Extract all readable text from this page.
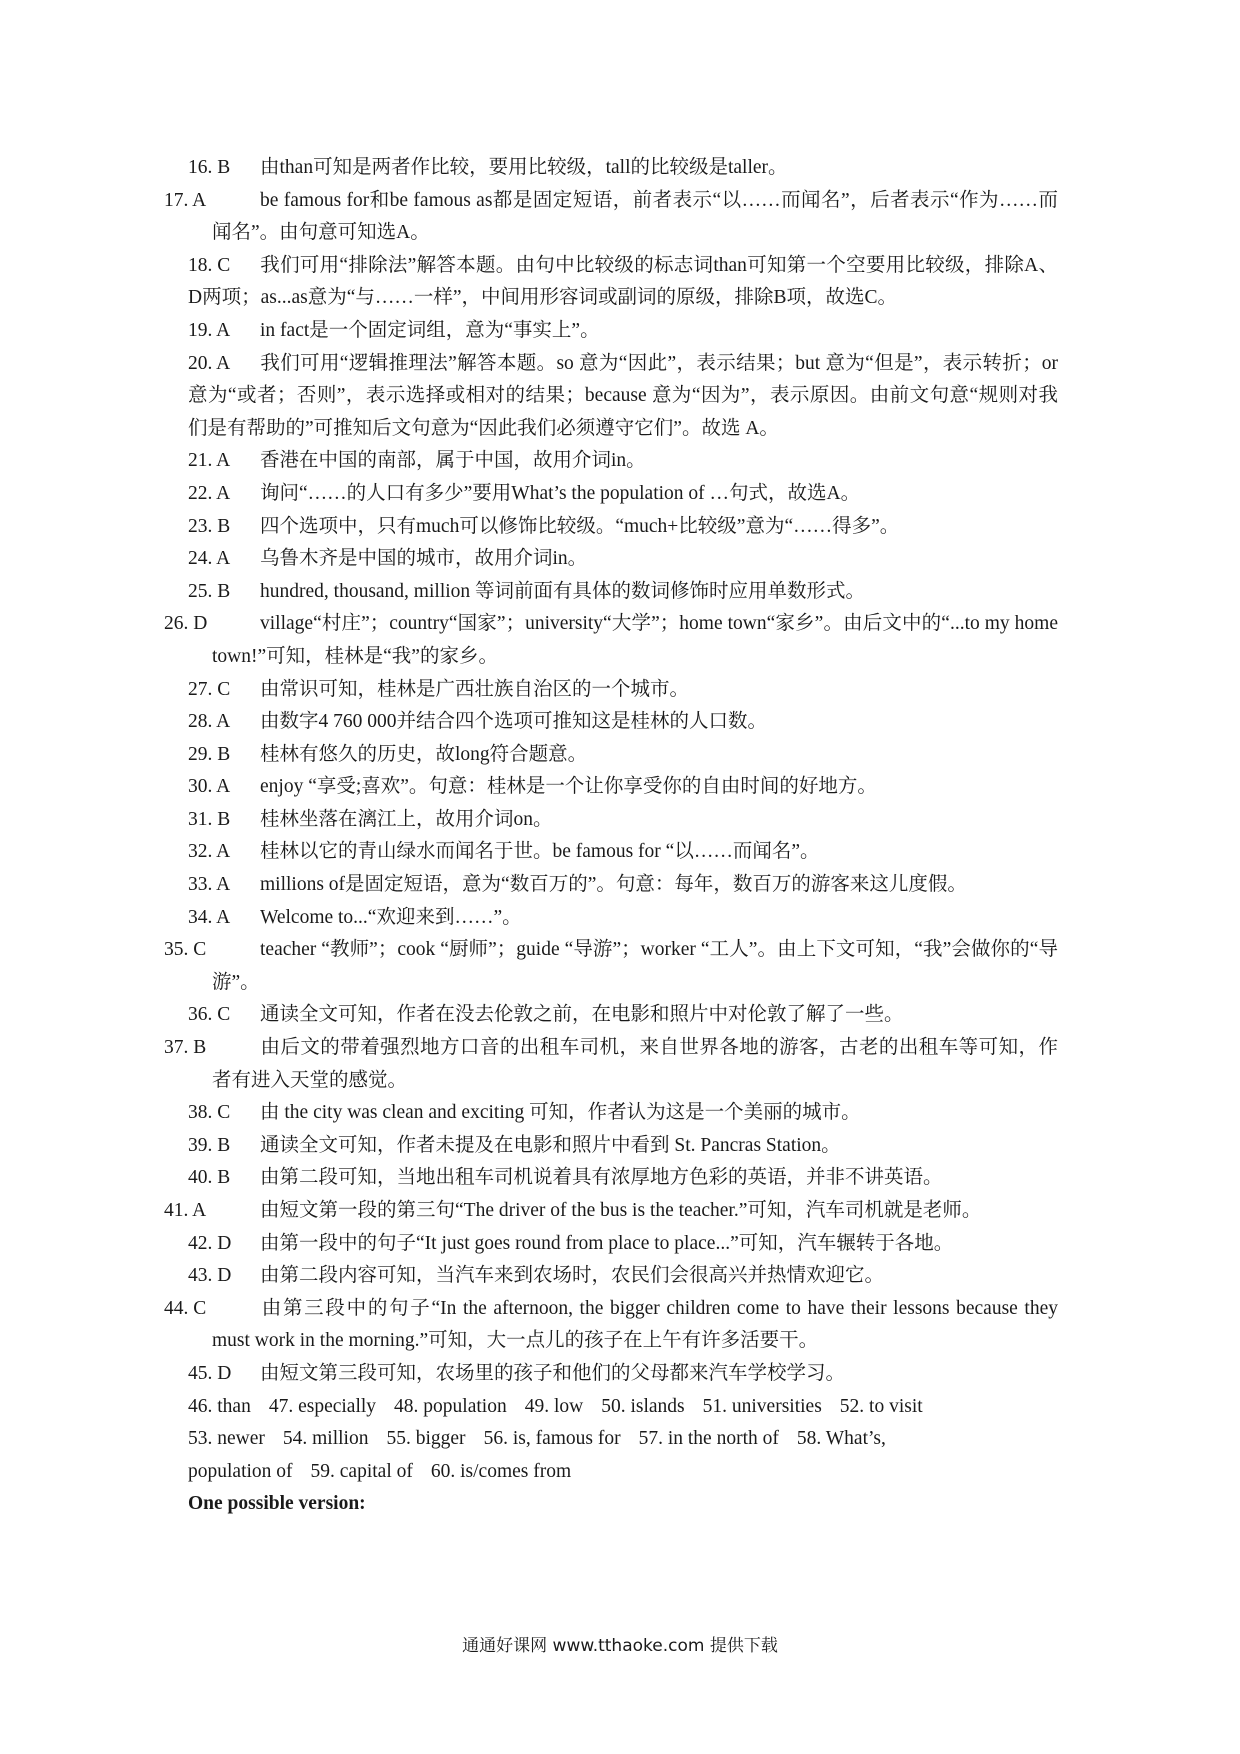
16. B 由than可知是两者作比较，要用比较级，tall的比较级是taller。

17. A	be famous for和be famous as都是固定短语，前者表示“以……而闻名”，后者表示“作为……而闻名”。由句意可知选A。

18. C 我们可用“排除法”解答本题。由句中比较级的标志词than可知第一个空要用比较级，排除A、D两项；as...as意为“与……一样”，中间用形容词或副词的原级，排除B项，故选C。

19. A in fact是一个固定词组，意为“事实上”。

20. A 我们可用“逻辑推理法”解答本题。so 意为“因此”，表示结果；but 意为“但是”，表示转折；or 意为“或者；否则”，表示选择或相对的结果；because 意为“因为”，表示原因。由前文句意“规则对我们是有帮助的”可推知后文句意为“因此我们必须遵守它们”。故选 A。

21. A 香港在中国的南部，属于中国，故用介词in。

22. A 询问“……的人口有多少”要用What’s the population of …句式，故选A。

23. B 四个选项中，只有much可以修饰比较级。“much+比较级”意为“……得多”。

24. A 乌鲁木齐是中国的城市，故用介词in。

25. B hundred, thousand, million 等词前面有具体的数词修饰时应用单数形式。

26. D	village“村庄”；country“国家”；university“大学”；home town“家乡”。由后文中的“...to my home town!”可知，桂林是“我”的家乡。

27. C 由常识可知，桂林是广西壮族自治区的一个城市。

28. A 由数字4 760 000并结合四个选项可推知这是桂林的人口数。

29. B 桂林有悠久的历史，故long符合题意。

30. A enjoy “享受;喜欢”。句意：桂林是一个让你享受你的自由时间的好地方。

31. B 桂林坐落在漓江上，故用介词on。

32. A 桂林以它的青山绿水而闻名于世。be famous for “以……而闻名”。

33. A millions of是固定短语，意为“数百万的”。句意：每年，数百万的游客来这儿度假。

34. A Welcome to...“欢迎来到……”。

35. C	teacher “教师”；cook “厨师”；guide “导游”；worker “工人”。由上下文可知，“我”会做你的“导游”。

36. C 通读全文可知，作者在没去伦敦之前，在电影和照片中对伦敦了解了一些。

37. B	由后文的带着强烈地方口音的出租车司机，来自世界各地的游客，古老的出租车等可知，作者有进入天堂的感觉。

38. C 由 the city was clean and exciting 可知，作者认为这是一个美丽的城市。

39. B 通读全文可知，作者未提及在电影和照片中看到 St. Pancras Station。

40. B 由第二段可知，当地出租车司机说着具有浓厚地方色彩的英语，并非不讲英语。

41. A	由短文第一段的第三句“The driver of the bus is the teacher.”可知，汽车司机就是老师。

42. D 由第一段中的句子“It just goes round from place to place...”可知，汽车辗转于各地。

43. D 由第二段内容可知，当汽车来到农场时，农民们会很高兴并热情欢迎它。

44. C	由第三段中的句子“In the afternoon, the bigger children come to have their lessons because they must work in the morning.”可知，大一点儿的孩子在上午有许多活要干。

45. D 由短文第三段可知，农场里的孩子和他们的父母都来汽车学校学习。

46. than 47. especially 48. population 49. low 50. islands 51. universities 52. to visit

53. newer 54. million 55. bigger 56. is, famous for 57. in the north of 58. What’s,

population of 59. capital of 60. is/comes from

One possible version:

通通好课网 www.tthaoke.com 提供下载
